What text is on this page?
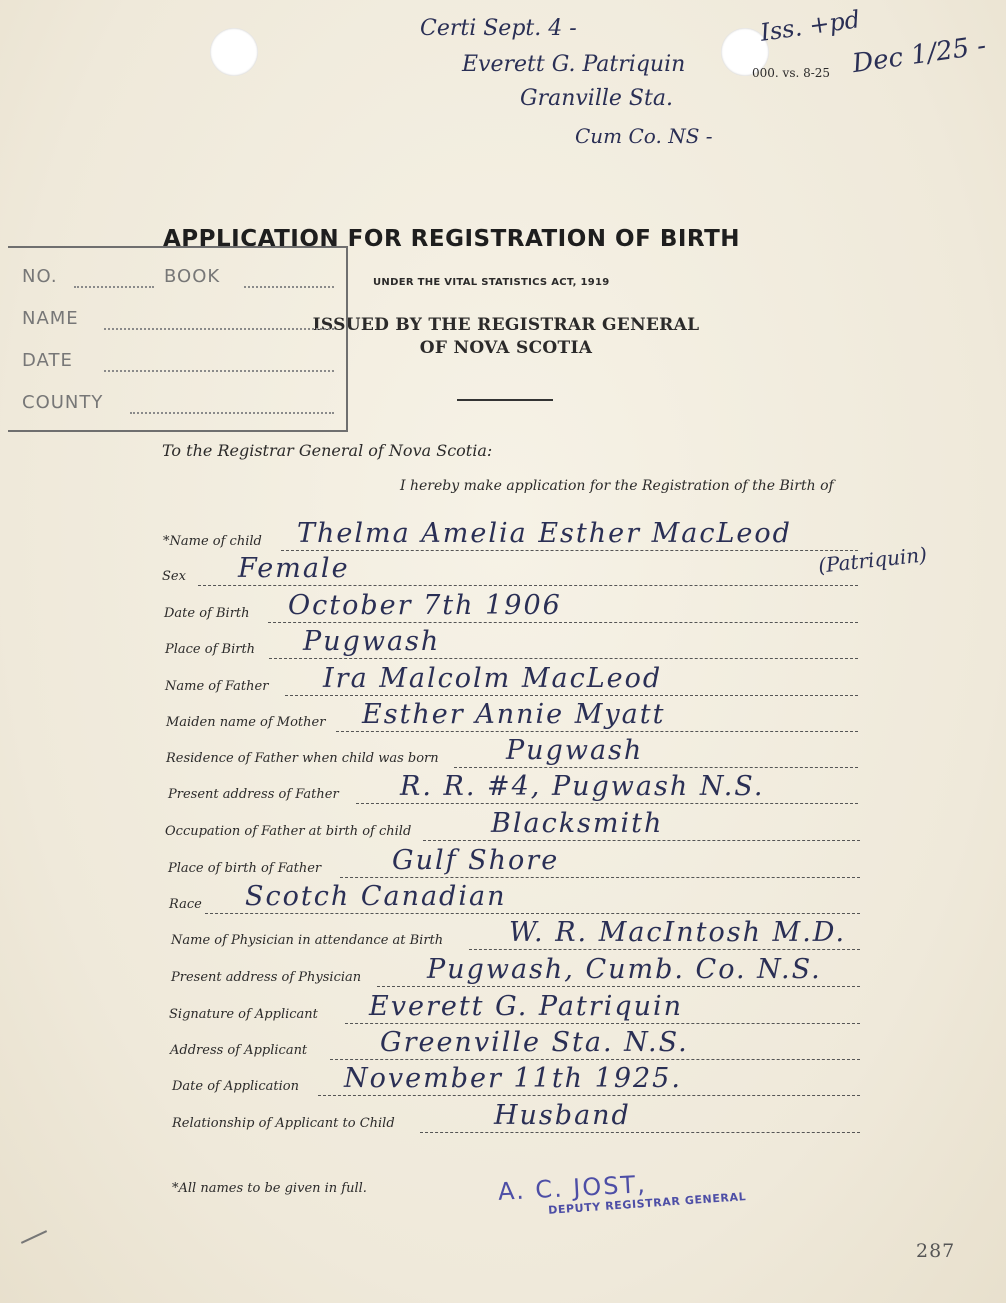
Certi Sept. 4 -
Everett G. Patriquin
Granville Sta.
Cum Co. NS -
Iss. +pd
Dec 1/25 -
000. vs. 8-25
APPLICATION FOR REGISTRATION OF BIRTH
UNDER THE VITAL STATISTICS ACT, 1919
ISSUED BY THE REGISTRAR GENERAL
OF NOVA SCOTIA
NO.	BOOK
NAME
DATE
COUNTY
To the Registrar General of Nova Scotia:
I hereby make application for the Registration of the Birth of
*Name of child Thelma Amelia Esther MacLeod
(Patriquin)
Sex Female
Date of Birth October 7th 1906
Place of Birth Pugwash
Name of Father Ira Malcolm MacLeod
Maiden name of Mother Esther Annie Myatt
Residence of Father when child was born Pugwash
Present address of Father R. R. #4, Pugwash N.S.
Occupation of Father at birth of child	Blacksmith
Place of birth of Father	Gulf Shore
Race Scotch Canadian
Name of Physician in attendance at Birth W. R. MacIntosh M.D.
Present address of Physician Pugwash, Cumb. Co. N.S.
Signature of Applicant Everett G. Patriquin
Address of Applicant	Greenville Sta. N.S.
Date of Application November 11th 1925.
Relationship of Applicant to Child	Husband
*All names to be given in full.	A. C. JOST,
DEPUTY REGISTRAR GENERAL
287
